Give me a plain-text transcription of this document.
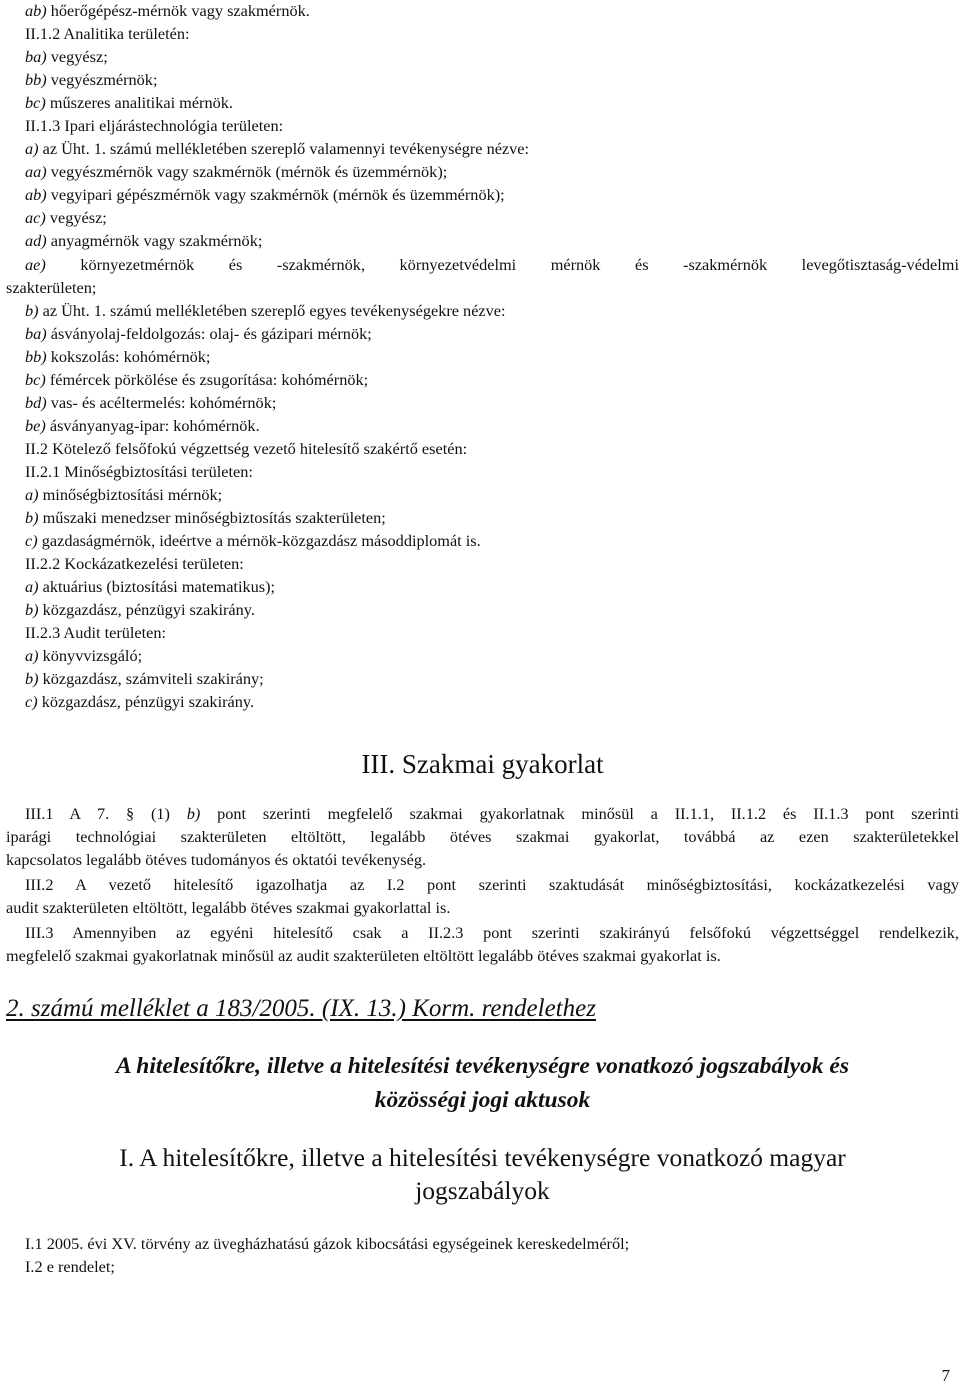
ab) hőerőgépész-mérnök vagy szakmérnök.
II.1.2 Analitika területén:
ba) vegyész;
bb) vegyészmérnök;
bc) műszeres analitikai mérnök.
II.1.3 Ipari eljárástechnológia területen:
a) az Üht. 1. számú mellékletében szereplő valamennyi tevékenységre nézve:
aa) vegyészmérnök vagy szakmérnök (mérnök és üzemmérnök);
ab) vegyipari gépészmérnök vagy szakmérnök (mérnök és üzemmérnök);
ac) vegyész;
ad) anyagmérnök vagy szakmérnök;
ae) környezetmérnök és -szakmérnök, környezetvédelmi mérnök és -szakmérnök levegőtisztaság-védelmi
szakterületen;
b) az Üht. 1. számú mellékletében szereplő egyes tevékenységekre nézve:
ba) ásványolaj-feldolgozás: olaj- és gázipari mérnök;
bb) kokszolás: kohómérnök;
bc) fémércek pörkölése és zsugorítása: kohómérnök;
bd) vas- és acéltermelés: kohómérnök;
be) ásványanyag-ipar: kohómérnök.
II.2 Kötelező felsőfokú végzettség vezető hitelesítő szakértő esetén:
II.2.1 Minőségbiztosítási területen:
a) minőségbiztosítási mérnök;
b) műszaki menedzser minőségbiztosítás szakterületen;
c) gazdaságmérnök, ideértve a mérnök-közgazdász másoddiplomát is.
II.2.2 Kockázatkezelési területen:
a) aktuárius (biztosítási matematikus);
b) közgazdász, pénzügyi szakirány.
II.2.3 Audit területen:
a) könyvvizsgáló;
b) közgazdász, számviteli szakirány;
c) közgazdász, pénzügyi szakirány.
III. Szakmai gyakorlat
III.1 A 7. § (1) b) pont szerinti megfelelő szakmai gyakorlatnak minősül a II.1.1, II.1.2 és II.1.3 pont szerinti
iparági technológiai szakterületen eltöltött, legalább ötéves szakmai gyakorlat, továbbá az ezen szakterületekkel
kapcsolatos legalább ötéves tudományos és oktatói tevékenység.
III.2 A vezető hitelesítő igazolhatja az I.2 pont szerinti szaktudását minőségbiztosítási, kockázatkezelési vagy
audit szakterületen eltöltött, legalább ötéves szakmai gyakorlattal is.
III.3 Amennyiben az egyéni hitelesítő csak a II.2.3 pont szerinti szakirányú felsőfokú végzettséggel rendelkezik,
megfelelő szakmai gyakorlatnak minősül az audit szakterületen eltöltött legalább ötéves szakmai gyakorlat is.
2. számú melléklet a 183/2005. (IX. 13.) Korm. rendelethez
A hitelesítőkre, illetve a hitelesítési tevékenységre vonatkozó jogszabályok és
közösségi jogi aktusok
I. A hitelesítőkre, illetve a hitelesítési tevékenységre vonatkozó magyar
jogszabályok
I.1 2005. évi XV. törvény az üvegházhatású gázok kibocsátási egységeinek kereskedelméről;
I.2 e rendelet;
7
